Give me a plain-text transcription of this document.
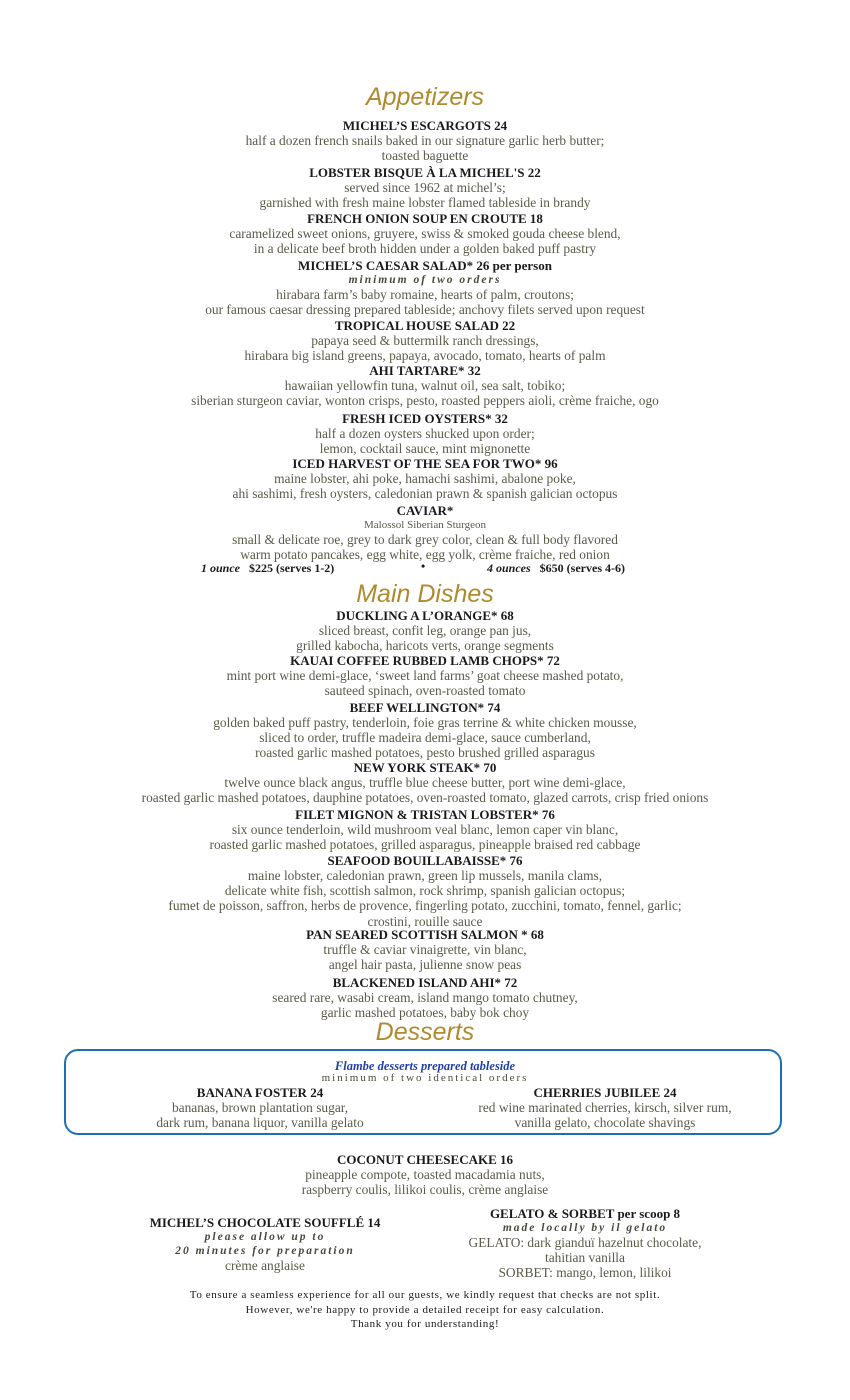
Appetizers
MICHEL’S ESCARGOTS 24
half a dozen french snails baked in our signature garlic herb butter;
toasted baguette
LOBSTER BISQUE À LA MICHEL'S 22
served since 1962 at michel’s;
garnished with fresh maine lobster flamed tableside in brandy
FRENCH ONION SOUP EN CROUTE 18
caramelized sweet onions, gruyere, swiss & smoked gouda cheese blend,
in a delicate beef broth hidden under a golden baked puff pastry
MICHEL’S CAESAR SALAD* 26 per person
minimum of two orders
hirabara farm’s baby romaine, hearts of palm, croutons;
our famous caesar dressing prepared tableside; anchovy filets served upon request
TROPICAL HOUSE SALAD 22
papaya seed & buttermilk ranch dressings,
hirabara big island greens, papaya, avocado, tomato, hearts of palm
AHI TARTARE* 32
hawaiian yellowfin tuna, walnut oil, sea salt, tobiko;
siberian sturgeon caviar, wonton crisps, pesto, roasted peppers aioli, crème fraiche, ogo
FRESH ICED OYSTERS* 32
half a dozen oysters shucked upon order;
lemon, cocktail sauce, mint mignonette
ICED HARVEST OF THE SEA FOR TWO* 96
maine lobster, ahi poke, hamachi sashimi, abalone poke,
ahi sashimi, fresh oysters, caledonian prawn & spanish galician octopus
CAVIAR*
Malossol Siberian Sturgeon
small & delicate roe, grey to dark grey color, clean & full body flavored
warm potato pancakes, egg white, egg yolk, crème fraiche, red onion
1 ounce $225 (serves 1-2)	•	4 ounces $650 (serves 4-6)
Main Dishes
DUCKLING A L’ORANGE* 68
sliced breast, confit leg, orange pan jus,
grilled kabocha, haricots verts, orange segments
KAUAI COFFEE RUBBED LAMB CHOPS* 72
mint port wine demi-glace, ‘sweet land farms’ goat cheese mashed potato,
sauteed spinach, oven-roasted tomato
BEEF WELLINGTON* 74
golden baked puff pastry, tenderloin, foie gras terrine & white chicken mousse,
sliced to order, truffle madeira demi-glace, sauce cumberland,
roasted garlic mashed potatoes, pesto brushed grilled asparagus
NEW YORK STEAK* 70
twelve ounce black angus, truffle blue cheese butter, port wine demi-glace,
roasted garlic mashed potatoes, dauphine potatoes, oven-roasted tomato, glazed carrots, crisp fried onions
FILET MIGNON & TRISTAN LOBSTER* 76
six ounce tenderloin, wild mushroom veal blanc, lemon caper vin blanc,
roasted garlic mashed potatoes, grilled asparagus, pineapple braised red cabbage
SEAFOOD BOUILLABAISSE* 76
maine lobster, caledonian prawn, green lip mussels, manila clams,
delicate white fish, scottish salmon, rock shrimp, spanish galician octopus;
fumet de poisson, saffron, herbs de provence, fingerling potato, zucchini, tomato, fennel, garlic;
crostini, rouille sauce
PAN SEARED SCOTTISH SALMON * 68
truffle & caviar vinaigrette, vin blanc,
angel hair pasta, julienne snow peas
BLACKENED ISLAND AHI* 72
seared rare, wasabi cream, island mango tomato chutney,
garlic mashed potatoes, baby bok choy
Desserts
Flambe desserts prepared tableside
minimum of two identical orders
BANANA FOSTER 24
bananas, brown plantation sugar,
dark rum, banana liquor, vanilla gelato
CHERRIES JUBILEE 24
red wine marinated cherries, kirsch, silver rum,
vanilla gelato, chocolate shavings
COCONUT CHEESECAKE 16
pineapple compote, toasted macadamia nuts,
raspberry coulis, lilikoi coulis, crème anglaise
MICHEL’S CHOCOLATE SOUFFLÉ 14
please allow up to
20 minutes for preparation
crème anglaise
GELATO & SORBET per scoop 8
made locally by il gelato
GELATO: dark gianduï hazelnut chocolate,
tahitian vanilla
SORBET: mango, lemon, lilikoi
To ensure a seamless experience for all our guests, we kindly request that checks are not split.
However, we're happy to provide a detailed receipt for easy calculation.
Thank you for understanding!
